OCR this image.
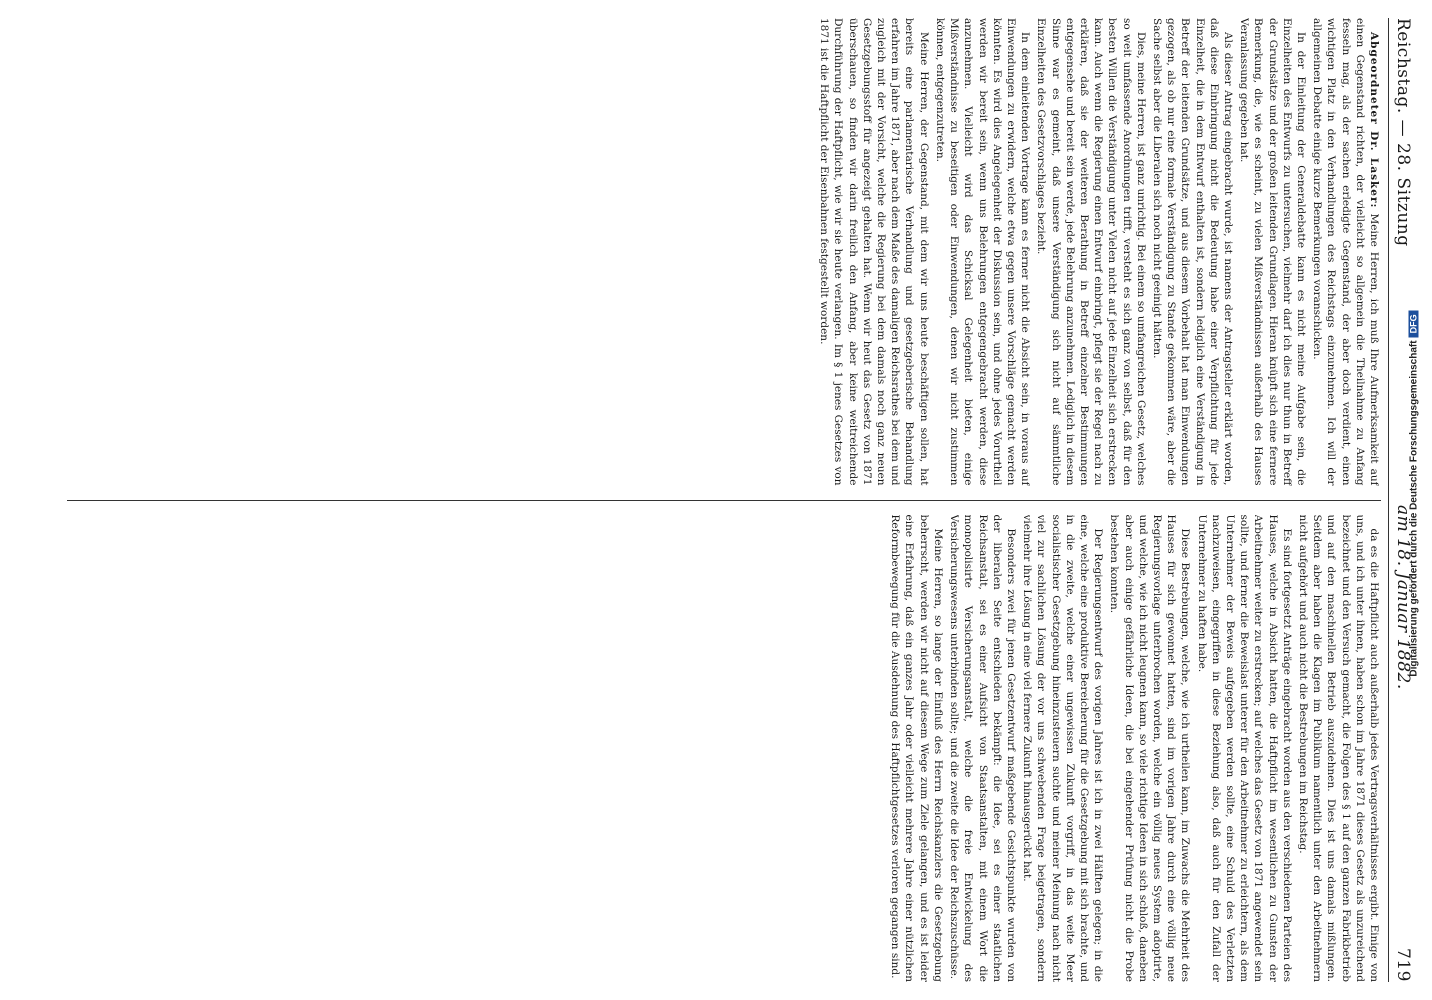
Reichstag. — 28. Sitzung
am 18. Januar 1882.
719

Abgeordneter Dr. Lasker: Meine Herren, ich muß Ihre Aufmerksamkeit auf einen Gegenstand richten, der vielleicht so allgemein die Theilnahme zu Anfang fesseln mag, als der sachen erledigte Gegenstand, der aber doch verdient, einen wichtigen Platz in den Verhandlungen des Reichstags einzunehmen. Ich will der allgemeinen Debatte einige kurze Bemerkungen voranschicken.

In der Einleitung der Generaldebatte kann es nicht meine Aufgabe sein, die Einzelheiten des Entwurfs zu untersuchen, vielmehr darf ich dies nur thun in Betreff der Grundsätze und der großen leitenden Grundlagen. Hieran knüpft sich eine fernere Bemerkung, die, wie es scheint, zu vielen Mißverständnissen außerhalb des Hauses Veranlassung gegeben hat.

Als dieser Antrag eingebracht wurde, ist namens der Antragsteller erklärt worden, daß diese Einbringung nicht die Bedeutung habe einer Verpflichtung für jede Einzelheit, die in dem Entwurf enthalten ist, sondern lediglich eine Verständigung in Betreff der leitenden Grundsätze, und aus diesem Vorbehalt hat man Einwendungen gezogen, als ob nur eine formale Verständigung zu Stande gekommen wäre, aber die Sache selbst aber die Liberalen sich noch nicht geeinigt hätten.

Dies, meine Herren, ist ganz unrichtig. Bei einem so umfangreichen Gesetz, welches so weit umfassende Anordnungen trifft, versteht es sich ganz von selbst, daß für den besten Willen die Verständigung unter Vielen nicht auf jede Einzelheit sich erstrecken kann. Auch wenn die Regierung einen Entwurf einbringt, pflegt sie der Regel nach zu erklären, daß sie der weiteren Berathung in Betreff einzelner Bestimmungen entgegensehe und bereit sein werde, jede Belehrung anzunehmen. Lediglich in diesem Sinne war es gemeint, daß unsere Verständigung sich nicht auf sämmtliche Einzelheiten des Gesetzvorschlages bezieht.

In dem einleitenden Vortrage kann es ferner nicht die Absicht sein, in voraus auf Einwendungen zu erwidern, welche etwa gegen unsere Vorschläge gemacht werden könnten. Es wird dies Angelegenheit der Diskussion sein, und ohne jedes Vorurtheil werden wir bereit sein, wenn uns Belehrungen entgegengebracht werden, diese anzunehmen. Vielleicht wird das Schicksal Gelegenheit bieten, einige Mißverständnisse zu beseitigen oder Einwendungen, denen wir nicht zustimmen können, entgegenzutreten.

Meine Herren, der Gegenstand, mit dem wir uns heute beschäftigen sollen, hat bereits eine parlamentarische Verhandlung und gesetzgeberische Behandlung erfahren im Jahre 1871, aber nach dem Maße des damaligen Reichsrathes bei dem und zugleich mit der Vorsicht, welche die Regierung bei dem damals noch ganz neuen Gesetzgebungsstoff für angezeigt gehalten hat. Wenn wir heut das Gesetz von 1871 überschauen, so finden wir darin freilich den Anfang, aber keine weitreichende Durchführung der Haftpflicht, wie wir sie heute verlangen. Im § 1 jenes Gesetzes von 1871 ist die Haftpflicht der Eisenbahnen festgestellt worden.

da es die Haftpflicht auch außerhalb jedes Vertragsverhältnisses ergibt. Einige von uns, und ich unter ihnen, haben schon im Jahre 1871 dieses Gesetz als unzureichend bezeichnet und den Versuch gemacht, die Folgen des § 1 auf den ganzen Fabrikbetrieb und auf den maschinellen Betrieb auszudehnen. Dies ist uns damals mißlungen. Seitdem aber haben die Klagen im Publikum namentlich unter den Arbeitnehmern nicht aufgehört und auch nicht die Bestrebungen im Reichstag.

Es sind fortgesetzt Anträge eingebracht worden aus den verschiedenen Parteien des Hauses, welche in Absicht hatten, die Haftpflicht im wesentlichen zu Gunsten der Arbeitnehmer weiter zu erstrecken; auf welches das Gesetz von 1871 angewendet sein sollte, und ferner die Beweislast unterer für den Arbeitnehmer zu erleichtern, als dem Unternehmer der Beweis aufgegeben werden sollte, eine Schuld des Verletzten nachzuweisen, eingegriffen in diese Beziehung also, daß auch für den Zufall der Unternehmer zu haften habe.

Diese Bestrebungen, welche, wie ich urtheilen kann, im Zuwachs die Mehrheit des Hauses für sich gewonnet hatten, sind im vorigen Jahre durch eine völlig neue Regierungsvorlage unterbrochen worden, welche ein völlig neues System adoptirte, und welche, wie ich nicht leugnen kann, so viele richtige Ideen in sich schloß, daneben aber auch einige gefährliche Ideen, die bei eingehender Prüfung nicht die Probe bestehen konnten.

Der Regierungsentwurf des vorigen Jahres ist ich in zwei Hälften gelegen; in die eine, welche eine produktive Bereicherung für die Gesetzgebung mit sich brachte, und in die zweite, welche einer ungewissen Zukunft vorgriff, in das weite Meer socialistischer Gesetzgebung hineinzusteuern suchte und meiner Meinung nach nicht viel zur sachlichen Lösung der vor uns schwebenden Frage beigetragen, sondern vielmehr ihre Lösung in eine viel fernere Zukunft hinausgerückt hat.

Besonders zwei für jenen Gesetzentwurf maßgebende Gesichtspunkte wurden von der liberalen Seite entschieden bekämpft: die Idee, sei es einer staatlichen Reichsanstalt, sei es einer Aufsicht von Staatsanstalten, mit einem Wort die monopolisirte Versicherungsanstalt, welche die freie Entwickelung des Versicherungswesens unterbinden sollte; und die zweite die Idee der Reichszuschüsse.

Meine Herren, so lange der Einfluß des Herrn Reichskanzlers die Gesetzgebung beherrscht, werden wir nicht auf diesem Wege zum Ziele gelangen, und es ist leider eine Erfahrung, daß ein ganzes Jahr oder vielleicht mehrere Jahre einer nützlichen Reformbewegung für die Ausdehnung des Haftpflichtgesetzes verloren gegangen sind.

Digitalisierung gefördert durch die Deutsche ForschungsgemeinschaftDFG
